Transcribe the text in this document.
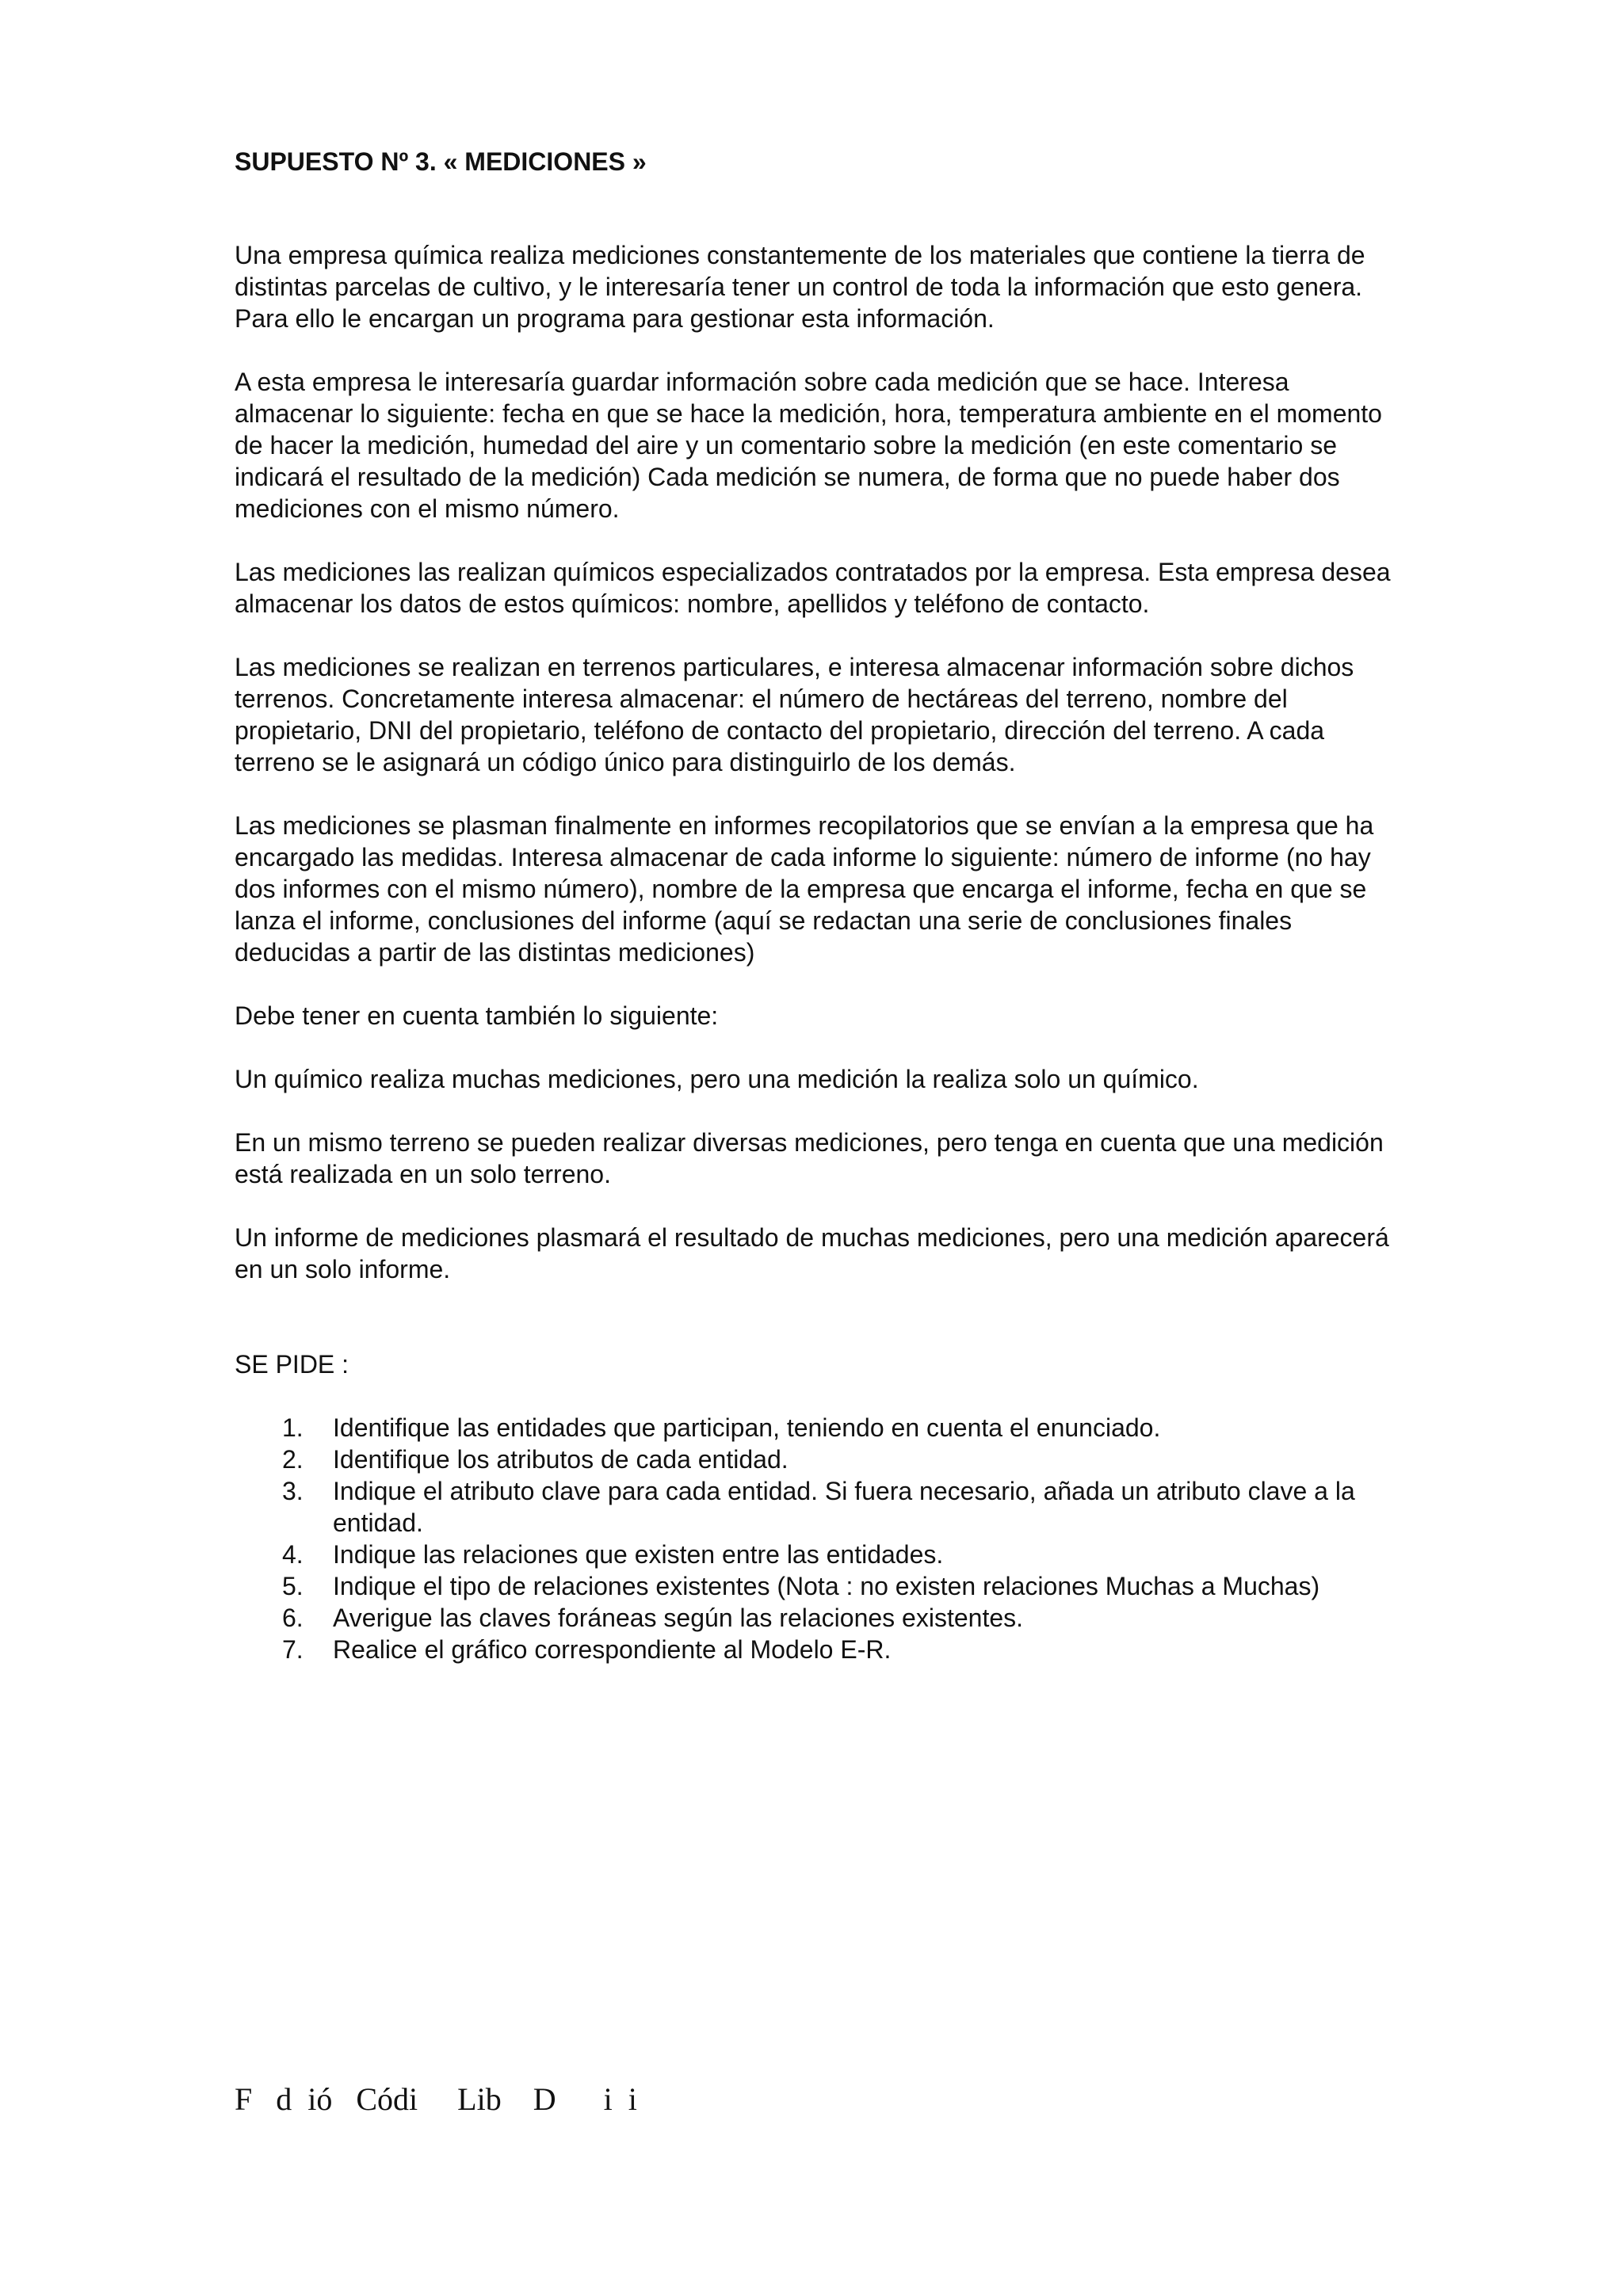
SUPUESTO Nº 3. « MEDICIONES »
Una empresa química realiza mediciones constantemente de los materiales que contiene la tierra de distintas parcelas de cultivo, y le interesaría tener un control de toda la información que esto genera. Para ello le encargan un programa para gestionar esta información.
A esta empresa le interesaría guardar información sobre cada medición que se hace. Interesa almacenar lo siguiente: fecha en que se hace la medición, hora, temperatura ambiente en el momento de hacer la medición, humedad del aire y un comentario sobre la medición (en este comentario se indicará el resultado de la medición) Cada medición se numera, de forma que no puede haber dos mediciones con el mismo número.
Las mediciones las realizan químicos especializados contratados por la empresa. Esta empresa desea almacenar los datos de estos químicos: nombre, apellidos y teléfono de contacto.
Las mediciones se realizan en terrenos particulares, e interesa almacenar información sobre dichos terrenos. Concretamente interesa almacenar: el número de hectáreas del terreno, nombre del propietario, DNI del propietario, teléfono de contacto del propietario, dirección del terreno. A cada terreno se le asignará un código único para distinguirlo de los demás.
Las mediciones se plasman finalmente en informes recopilatorios que se envían a la empresa que ha encargado las medidas. Interesa almacenar de cada informe lo siguiente: número de informe (no hay dos informes con el mismo número), nombre de la empresa que encarga el informe, fecha en que se lanza el informe, conclusiones del informe (aquí se redactan una serie de conclusiones finales deducidas a partir de las distintas mediciones)
Debe tener en cuenta también lo siguiente:
Un químico realiza muchas mediciones, pero una medición la realiza solo un químico.
En un mismo terreno se pueden realizar diversas mediciones, pero tenga en cuenta que una medición está realizada en un solo terreno.
Un informe de mediciones plasmará el resultado de muchas mediciones, pero una medición aparecerá en un solo informe.
SE PIDE :
1. Identifique las entidades que participan, teniendo en cuenta el enunciado.
2. Identifique los atributos de cada entidad.
3. Indique el atributo clave para cada entidad. Si fuera necesario, añada un atributo clave a la entidad.
4. Indique las relaciones que existen entre las entidades.
5. Indique el tipo de relaciones existentes (Nota : no existen relaciones Muchas a Muchas)
6. Averigue las claves foráneas según las relaciones existentes.
7. Realice el gráfico correspondiente al Modelo E-R.
F   d  ió   Códi     Lib    D      i  i
